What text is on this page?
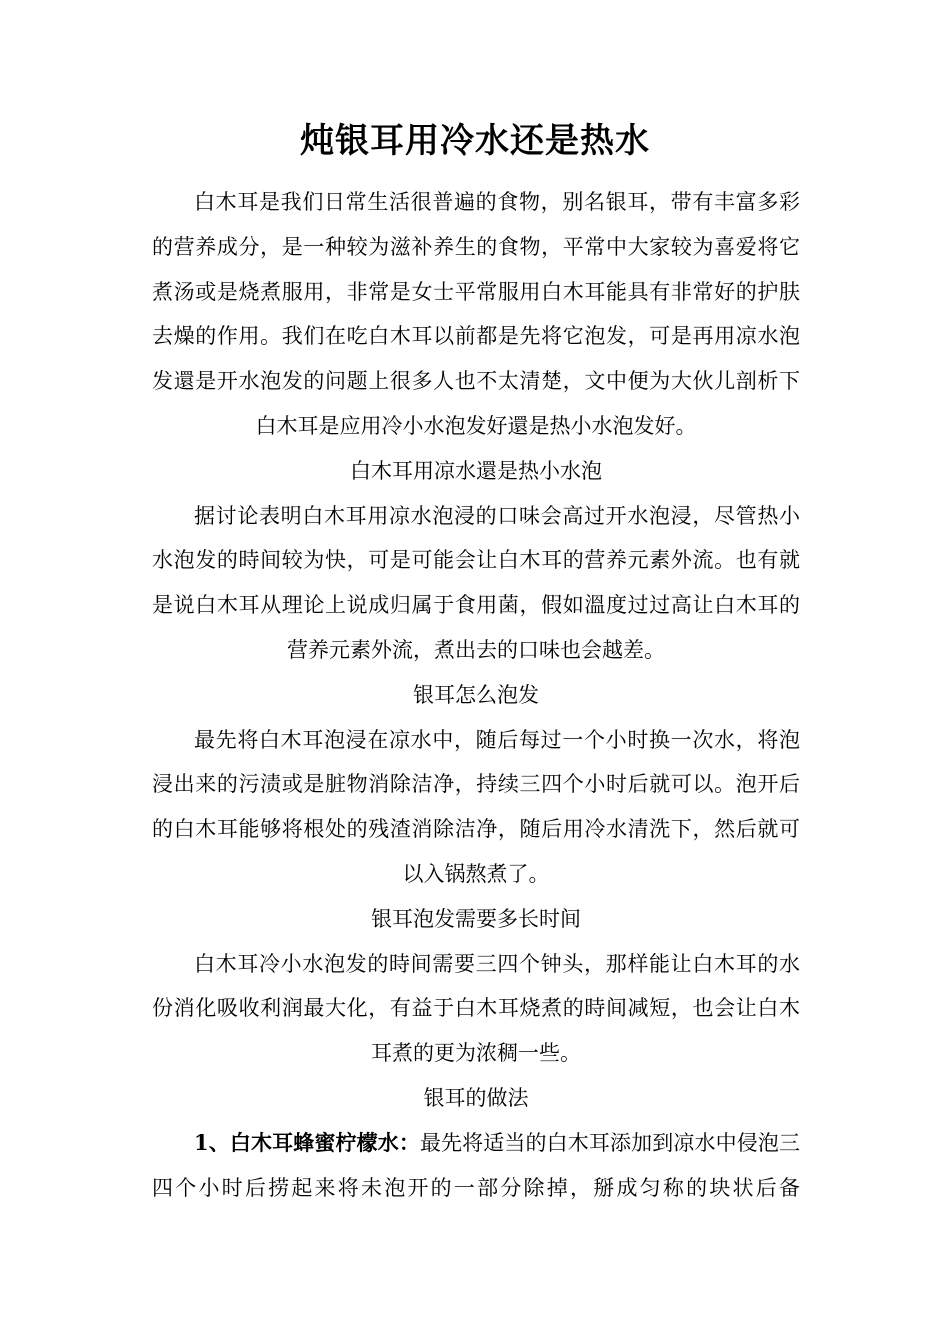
炖银耳用冷水还是热水

白木耳是我们日常生活很普遍的食物，别名银耳，带有丰富多彩的营养成分，是一种较为滋补养生的食物，平常中大家较为喜爱将它煮汤或是烧煮服用，非常是女士平常服用白木耳能具有非常好的护肤去燥的作用。我们在吃白木耳以前都是先将它泡发，可是再用凉水泡发還是开水泡发的问题上很多人也不太清楚，文中便为大伙儿剖析下白木耳是应用冷小水泡发好還是热小水泡发好。

白木耳用凉水還是热小水泡

据讨论表明白木耳用凉水泡浸的口味会高过开水泡浸，尽管热小水泡发的時间较为快，可是可能会让白木耳的营养元素外流。也有就是说白木耳从理论上说成归属于食用菌，假如溫度过过高让白木耳的营养元素外流，煮出去的口味也会越差。

银耳怎么泡发

最先将白木耳泡浸在凉水中，随后每过一个小时换一次水，将泡浸出来的污渍或是脏物消除洁净，持续三四个小时后就可以。泡开后的白木耳能够将根处的残渣消除洁净，随后用冷水清洗下，然后就可以入锅熬煮了。

银耳泡发需要多长时间

白木耳冷小水泡发的時间需要三四个钟头，那样能让白木耳的水份消化吸收利润最大化，有益于白木耳烧煮的時间减短，也会让白木耳煮的更为浓稠一些。

银耳的做法

1、白木耳蜂蜜柠檬水：最先将适当的白木耳添加到凉水中侵泡三四个小时后捞起来将未泡开的一部分除掉，掰成匀称的块状后备
